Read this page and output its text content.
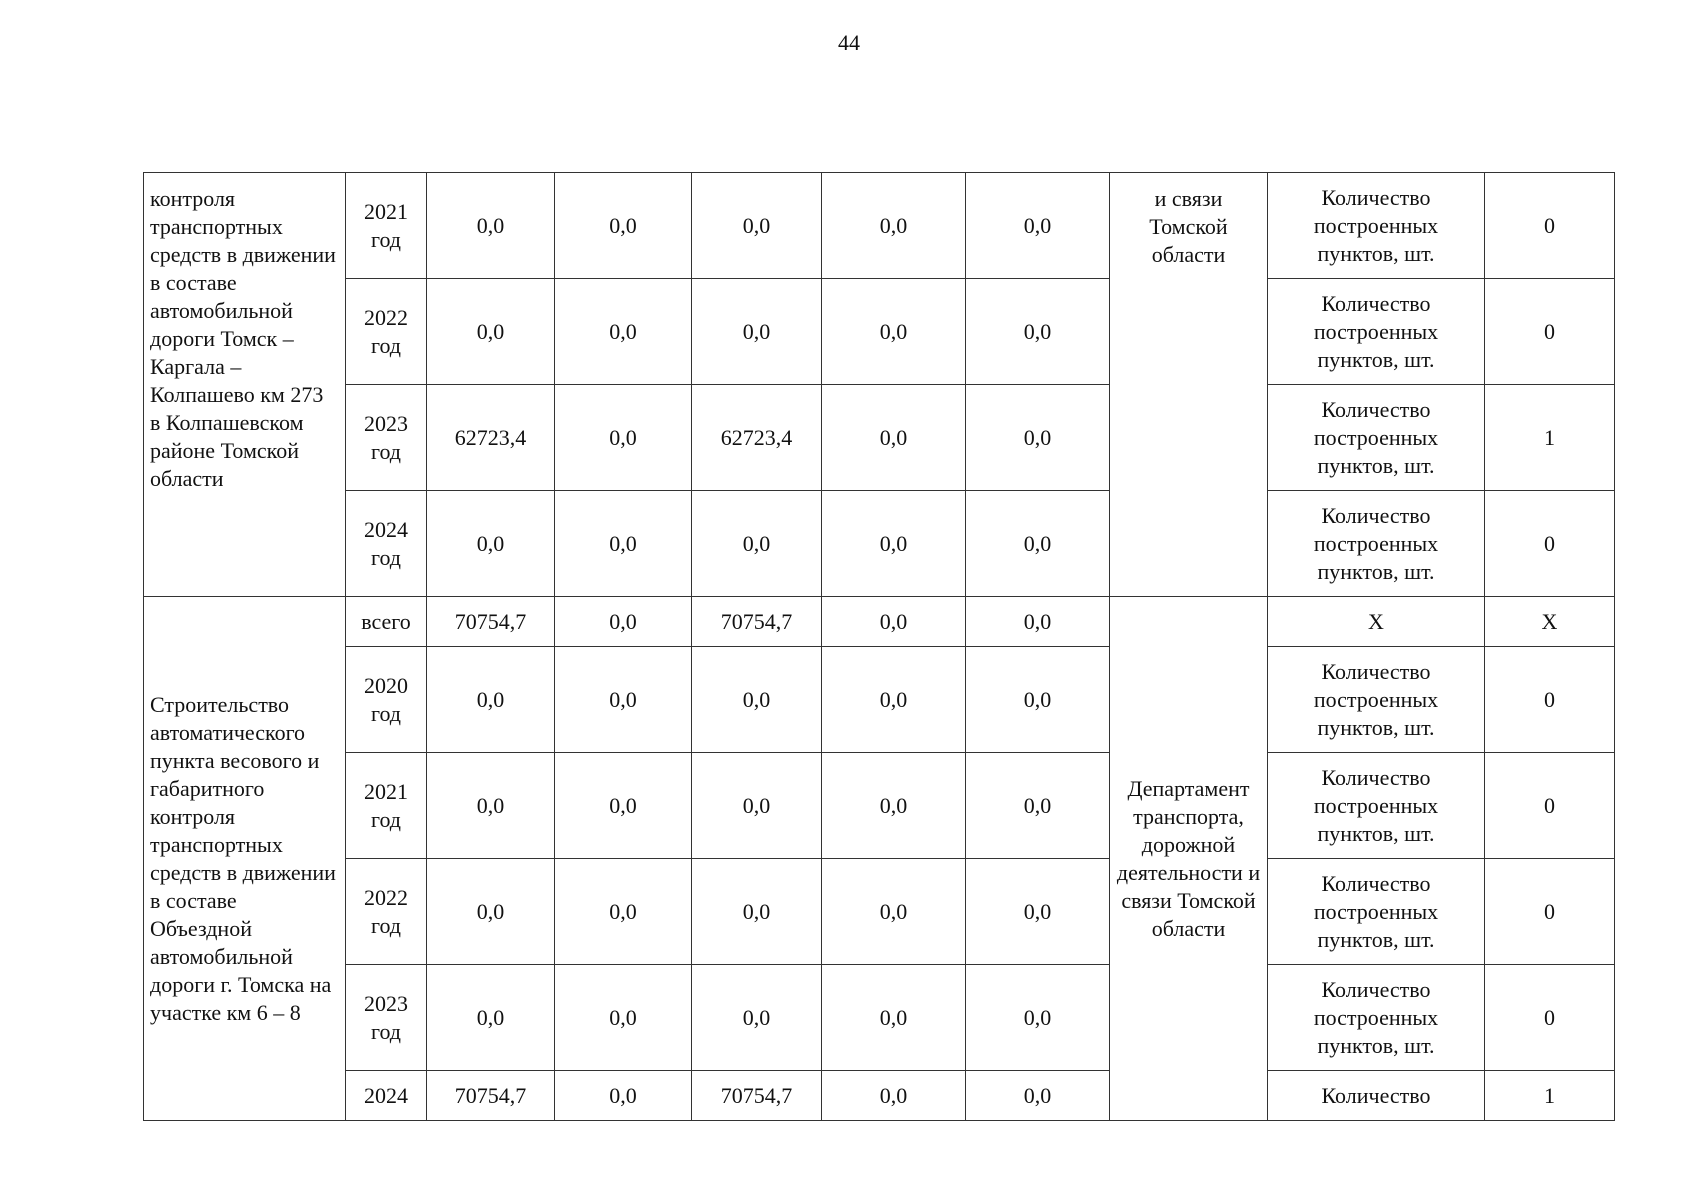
44
контроля транспортных средств в движении в составе автомобильной дороги Томск – Каргала – Колпашево км 273 в Колпашевском районе Томской области	2021 год	0,0	0,0	0,0	0,0	0,0	и связи Томской области	Количество построенных пунктов, шт.	0
	2022 год	0,0	0,0	0,0	0,0	0,0		Количество построенных пунктов, шт.	0
	2023 год	62723,4	0,0	62723,4	0,0	0,0		Количество построенных пунктов, шт.	1
	2024 год	0,0	0,0	0,0	0,0	0,0		Количество построенных пунктов, шт.	0
Строительство автоматического пункта весового и габаритного контроля транспортных средств в движении в составе Объездной автомобильной дороги г. Томска на участке км 6 – 8	всего	70754,7	0,0	70754,7	0,0	0,0	Департамент транспорта, дорожной деятельности и связи Томской области	X	X
	2020 год	0,0	0,0	0,0	0,0	0,0		Количество построенных пунктов, шт.	0
	2021 год	0,0	0,0	0,0	0,0	0,0		Количество построенных пунктов, шт.	0
	2022 год	0,0	0,0	0,0	0,0	0,0		Количество построенных пунктов, шт.	0
	2023 год	0,0	0,0	0,0	0,0	0,0		Количество построенных пунктов, шт.	0
	2024	70754,7	0,0	70754,7	0,0	0,0		Количество	1
